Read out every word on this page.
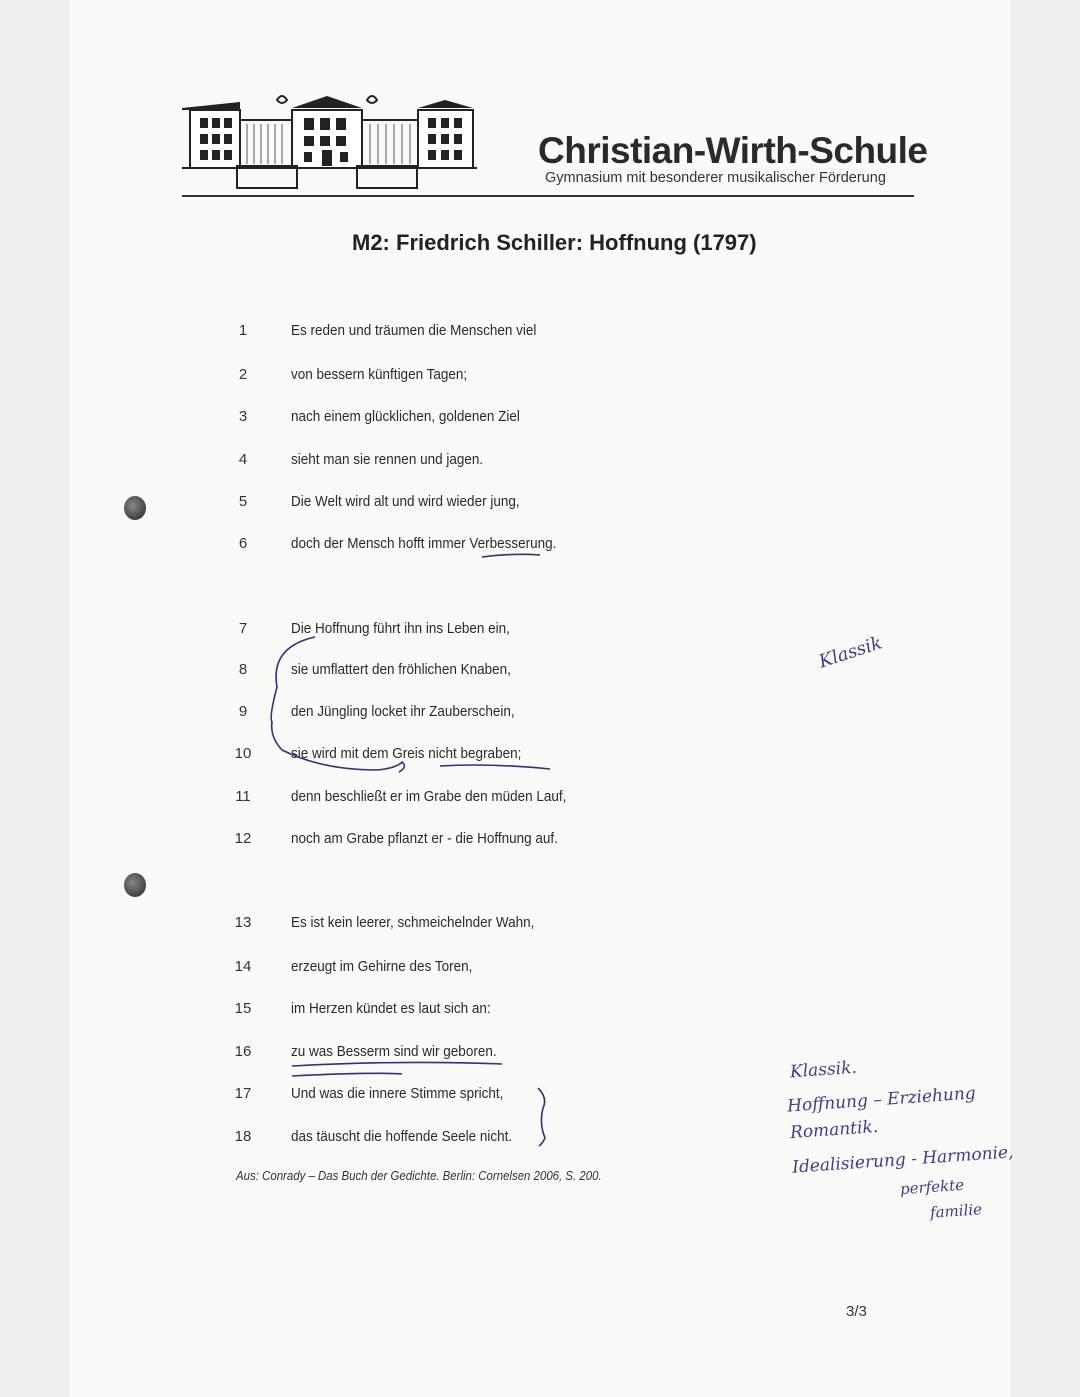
Christian-Wirth-Schule
Gymnasium mit besonderer musikalischer Förderung
M2: Friedrich Schiller: Hoffnung (1797)
1	Es reden und träumen die Menschen viel
2	von bessern künftigen Tagen;
3	nach einem glücklichen, goldenen Ziel
4	sieht man sie rennen und jagen.
5	Die Welt wird alt und wird wieder jung,
6	doch der Mensch hofft immer Verbesserung.
7	Die Hoffnung führt ihn ins Leben ein,
8	sie umflattert den fröhlichen Knaben,
9	den Jüngling locket ihr Zauberschein,
10	sie wird mit dem Greis nicht begraben;
11	denn beschließt er im Grabe den müden Lauf,
12	noch am Grabe pflanzt er - die Hoffnung auf.
13	Es ist kein leerer, schmeichelnder Wahn,
14	erzeugt im Gehirne des Toren,
15	im Herzen kündet es laut sich an:
16	zu was Besserm sind wir geboren.
17	Und was die innere Stimme spricht,
18	das täuscht die hoffende Seele nicht.
Aus: Conrady – Das Buch der Gedichte. Berlin: Cornelsen 2006, S. 200.
Klassik
Klassik.
Hoffnung – Erziehung
Romantik.
Idealisierung - Harmonie,
perfekte
familie
3/3
